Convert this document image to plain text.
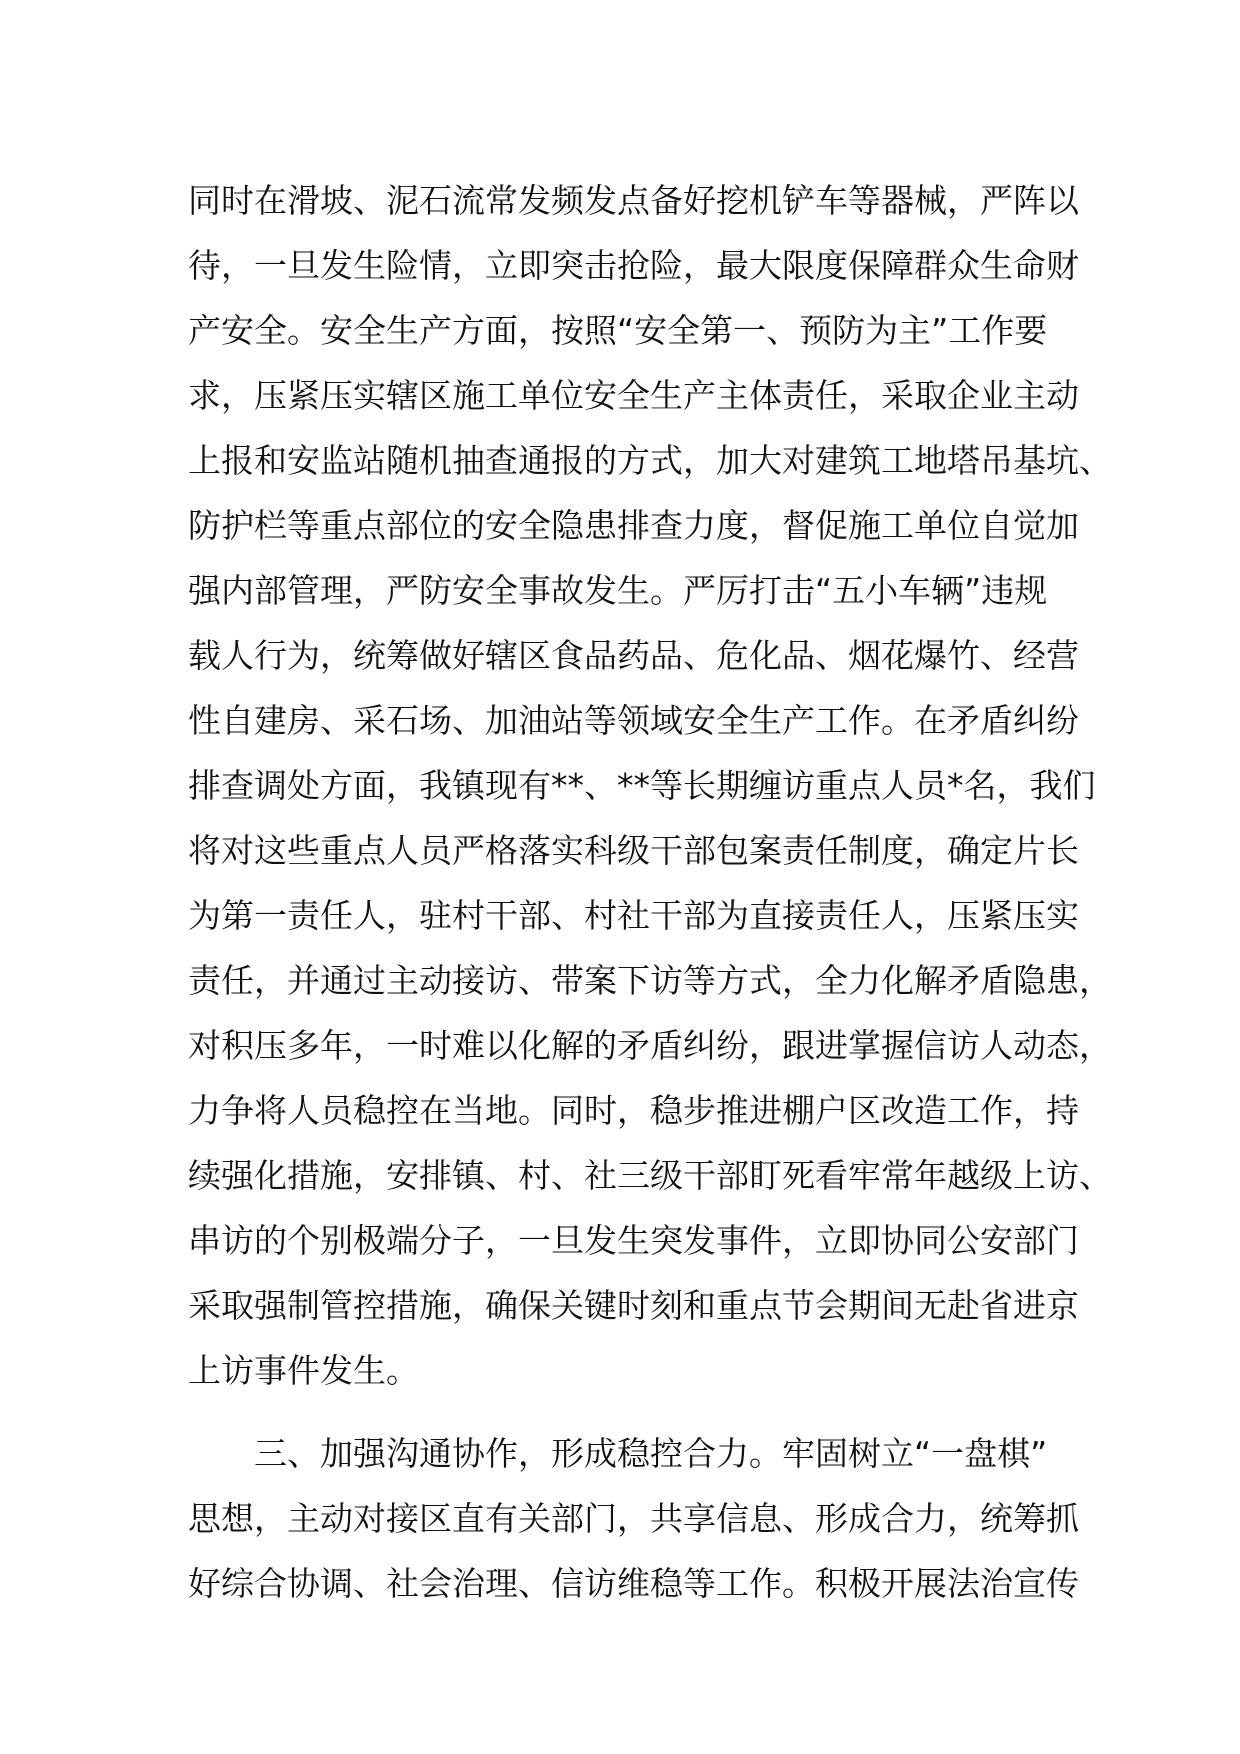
同时在滑坡、泥石流常发频发点备好挖机铲车等器械，严阵以
待，一旦发生险情，立即突击抢险，最大限度保障群众生命财
产安全。安全生产方面，按照“安全第一、预防为主”工作要
求，压紧压实辖区施工单位安全生产主体责任，采取企业主动
上报和安监站随机抽查通报的方式，加大对建筑工地塔吊基坑、
防护栏等重点部位的安全隐患排查力度，督促施工单位自觉加
强内部管理，严防安全事故发生。严厉打击“五小车辆”违规
载人行为，统筹做好辖区食品药品、危化品、烟花爆竹、经营
性自建房、采石场、加油站等领域安全生产工作。在矛盾纠纷
排查调处方面，我镇现有**、**等长期缠访重点人员*名，我们
将对这些重点人员严格落实科级干部包案责任制度，确定片长
为第一责任人，驻村干部、村社干部为直接责任人，压紧压实
责任，并通过主动接访、带案下访等方式，全力化解矛盾隐患，
对积压多年，一时难以化解的矛盾纠纷，跟进掌握信访人动态，
力争将人员稳控在当地。同时，稳步推进棚户区改造工作，持
续强化措施，安排镇、村、社三级干部盯死看牢常年越级上访、
串访的个别极端分子，一旦发生突发事件，立即协同公安部门
采取强制管控措施，确保关键时刻和重点节会期间无赴省进京
上访事件发生。
三、加强沟通协作，形成稳控合力。牢固树立“一盘棋”
思想，主动对接区直有关部门，共享信息、形成合力，统筹抓
好综合协调、社会治理、信访维稳等工作。积极开展法治宣传
